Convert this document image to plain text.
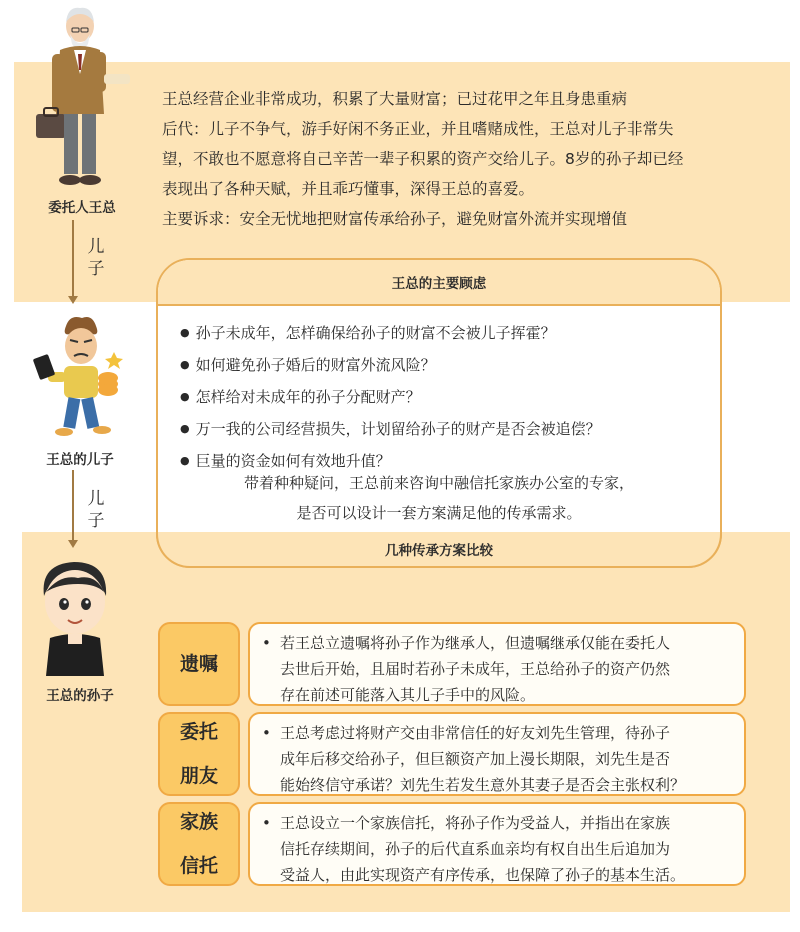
王总经营企业非常成功，积累了大量财富；已过花甲之年且身患重病

后代：儿子不争气，游手好闲不务正业，并且嗜赌成性，王总对儿子非常失

望，不敢也不愿意将自己辛苦一辈子积累的资产交给儿子。8岁的孙子却已经

表现出了各种天赋，并且乖巧懂事，深得王总的喜爱。

主要诉求：安全无忧地把财富传承给孙子，避免财富外流并实现增值

委托人王总
儿
子
王总的儿子
儿
子
王总的孙子
王总的主要顾虑
● 孙子未成年，怎样确保给孙子的财富不会被儿子挥霍？
● 如何避免孙子婚后的财富外流风险？
● 怎样给对未成年的孙子分配财产？
● 万一我的公司经营损失，计划留给孙子的财产是否会被追偿？
● 巨量的资金如何有效地升值？
带着种种疑问，王总前来咨询中融信托家族办公室的专家，
是否可以设计一套方案满足他的传承需求。
几种传承方案比较
遗嘱
• 若王总立遗嘱将孙子作为继承人，但遗嘱继承仅能在委托人
去世后开始，且届时若孙子未成年，王总给孙子的资产仍然
存在前述可能落入其儿子手中的风险。
委托
朋友
• 王总考虑过将财产交由非常信任的好友刘先生管理，待孙子
成年后移交给孙子，但巨额资产加上漫长期限，刘先生是否
能始终信守承诺？刘先生若发生意外其妻子是否会主张权利？
家族
信托
• 王总设立一个家族信托，将孙子作为受益人，并指出在家族
信托存续期间，孙子的后代直系血亲均有权自出生后追加为
受益人，由此实现资产有序传承，也保障了孙子的基本生活。
